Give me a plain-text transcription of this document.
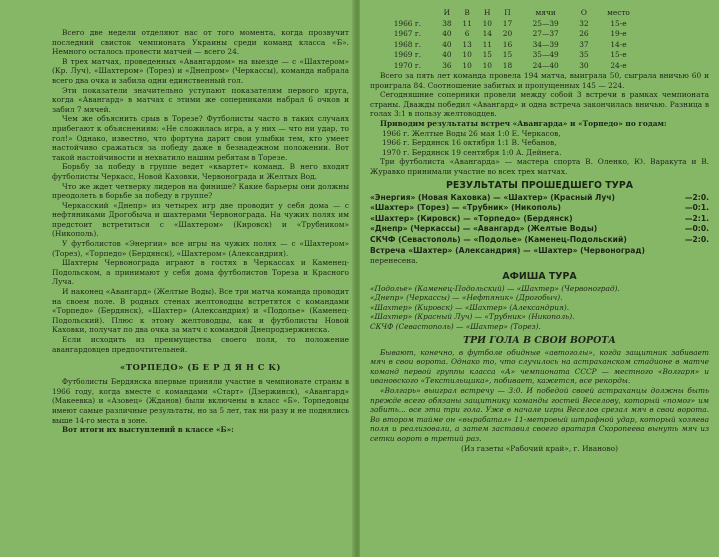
Всего две недели отделяют нас от того момента, когда прозвучит последний свисток чемпионата Украины среди команд класса «Б». Немного осталось провести матчей — всего 24.

В трех матчах, проведенных «Авангардом» на выезде — с «Шахтером» (Кр. Луч), «Шахтером» (Торез) и «Днепром» (Черкассы), команда набрала всего два очка и забила одни единственный гол.

Эти показатели значительно уступают показателям первого круга, когда «Авангард» в матчах с этими же соперниками набрал 6 очков и забил 7 мячей.

Чем же объяснить срыв в Торезе? Футболисты часто в таких случаях прибегают к объяснениям: «Не сложилась игра, а у них — что ни удар, то гол!» Однако, известно, что фортуна дарит свои улыбки тем, кто умеет настойчиво сражаться за победу даже в безнадежном положении. Вот такой настойчивости и нехватило нашим ребятам в Торезе.

Борьбу за победу в группе ведет «квартет» команд. В него входят футболисты Черкасс, Новой Каховки, Червонограда и Желтых Вод.

Что же ждет четверку лидеров на финише? Какие барьеры они должны преодолеть в борьбе за победу в группе?

Черкасский «Днепр» из четырех игр две проводит у себя дома — с нефтяниками Дрогобыча и шахтерами Червонограда. На чужих полях им предстоит встретиться с «Шахтером» (Кировск) и «Трубником» (Никополь).

У футболистов «Энергии» все игры на чужих полях — с «Шахтером» (Торез), «Торпедо» (Бердянск), «Шахтером» (Александрия).

Шахтеры Червонограда играют в гостях в Черкассах и Каменец-Подольском, а принимают у себя дома футболистов Тореза и Красного Луча.

И наконец «Авангард» (Желтые Воды). Все три матча команда проводит на своем поле. В родных стенах желтоводцы встретятся с командами «Торпедо» (Бердянск), «Шахтер» (Александрия) и «Подолье» (Каменец-Подольский). Плюс к этому желтоводцы, как и футболисты Новой Каховки, получат по два очка за матч с командой Днепродзержинска.

Если исходить из преимущества своего поля, то положение авангардовцев предпочтительней.

«ТОРПЕДО» (Б Е Р Д Я Н С К)

Футболисты Бердянска впервые приняли участие в чемпионате страны в 1966 году, когда вместе с командами «Старт» (Дзержинск), «Авангард» (Макеевка) и «Азовец» (Жданов) были включены в класс «Б». Торпедовцы имеют самые различные результаты, но за 5 лет, так ни разу и не поднялись выше 14-го места в зоне.

Вот итоги их выступлений в классе «Б»:

	И	В	Н	П	мячи	О	место
1966 г.	38	11	10	17	25—39	32	15-е
1967 г.	40	6	14	20	27—37	26	19-е
1968 г.	40	13	11	16	34—39	37	14-е
1969 г.	40	10	15	15	35—49	35	15-е
1970 г.	36	10	10	18	24—40	30	24-е

Всего за пять лет команда провела 194 матча, выиграла 50, сыграла вничью 60 и проиграла 84. Соотношение забитых и пропущенных 145 — 224.

Сегодняшние соперники провели между собой 3 встречи в рамках чемпионата страны. Дважды победил «Авангард» и одна встреча закончилась вничью. Разница в голах 3:1 в пользу желтоводцев.

Приводим результаты встреч «Авангарда» и «Торпедо» по годам:

1966 г. Желтые Воды 26 мая 1:0 Е. Черкасов,
1966 г. Бердянск 16 октября 1:1 В. Чебанов,
1970 г. Бердянск 19 сентября 1:0 А. Дейнега.

Три футболиста «Авангарда» — мастера спорта В. Оленко, Ю. Варакута и В. Журавко принимали участие во всех трех матчах.

РЕЗУЛЬТАТЫ ПРОШЕДШЕГО ТУРА
«Энергия» (Новая Каховка) — «Шахтер» (Красный Луч)	—2:0.
«Шахтер» (Торез) — «Трубник» (Никополь)	—0:1.
«Шахтер» (Кировск) — «Торпедо» (Бердянск)	—2:1.
«Днепр» (Черкассы) — «Авангард» (Желтые Воды)	—0:0.
СКЧФ (Севастополь) — «Подолье» (Каменец-Подольский)	—2:0.
Встреча «Шахтер» (Александрия) — «Шахтер» (Червоноград)
перенесена.
АФИША ТУРА
«Подолье» (Каменец-Подольский) — «Шахтер» (Червоноград).
«Днепр» (Черкассы) — «Нефтяник» (Дрогобыч).
«Шахтер» (Кировск) — «Шахтер» (Александрия).
«Шахтер» (Красный Луч) — «Трубник» (Никополь).
СКЧФ (Севастополь) — «Шахтер» (Торез).
ТРИ ГОЛА В СВОИ ВОРОТА

Бывают, конечно, в футболе обидные «автоголы», когда защитник забивает мяч в свои ворота. Однако то, что случилось на астраханском стадионе в матче команд первой группы класса «А» чемпионата СССР — местного «Волгаря» и ивановского «Текстильщика», побивает, кажется, все рекорды.

«Волгарь» выиграл встречу — 3:0. И победой своей астраханцы должны быть прежде всего обязаны защитнику команды гостей Веселову, который «помог» им забить... все эти три гола. Уже в начале игры Веселов срезал мяч в свои ворота. Во втором тайме он «вырабатал» 11-метровый штрафной удар, который хозяева поля и реализовали, а затем заставил своего вратаря Скоропеева вынуть мяч из сетки ворот в третий раз.

(Из газеты «Рабочий край», г. Иваново)
